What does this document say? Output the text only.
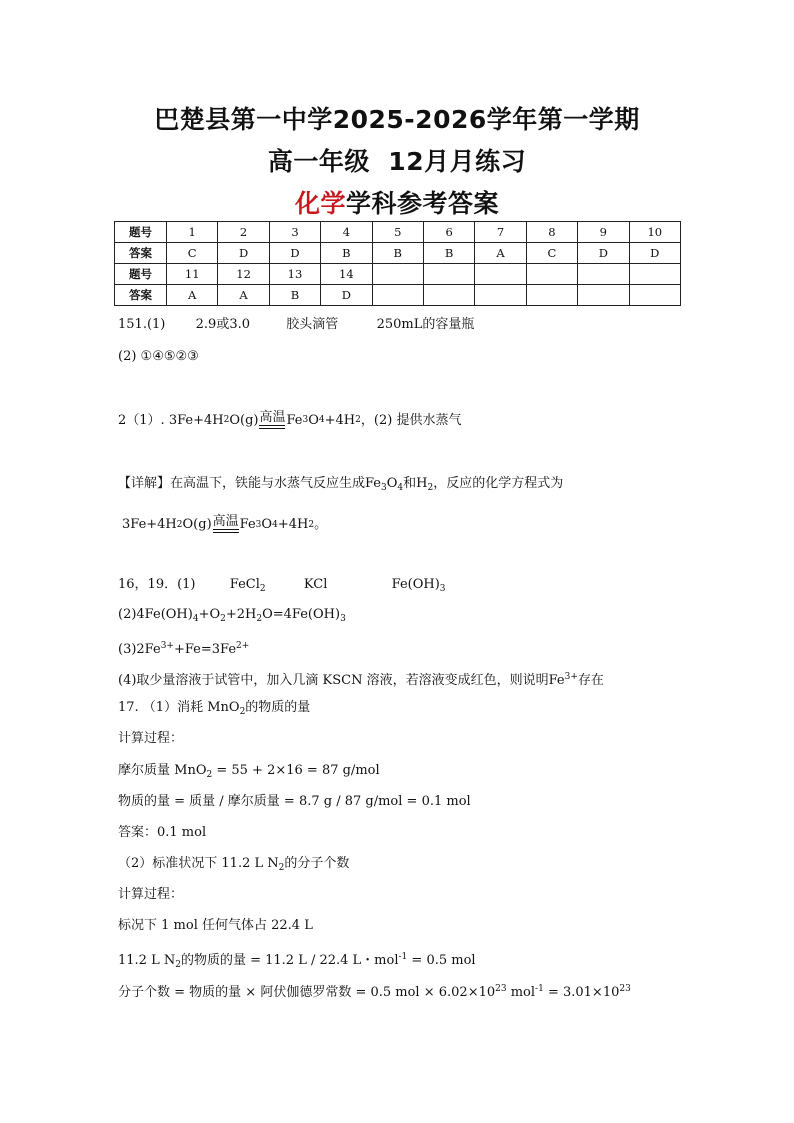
巴楚县第一中学2025-2026学年第一学期
高一年级  12月月练习
化学学科参考答案
题号	1	2	3	4	5	6	7	8	9	10
答案	C	D	D	B	B	B	A	C	D	D
题号	11	12	13	14						
答案	A	A	B	D						
151.(1) 2.9或3.0	胶头滴管	250mL的容量瓶
(2) ①④⑤②③
2（1）.
3Fe+4H 2 O(g) 高温 Fe 3 O 4 +4H 2 ，(2) 提供水蒸气
【详解】在高温下，铁能与水蒸气反应生成$Fe_3O_4$和$H_2$，反应的化学方程式为
3Fe+4H 2 O(g) 高温 Fe 3 O 4 +4H 2 。
16，19．(1)	FeCl$_2$	KCl	$Fe(OH)_3$
$(2)4Fe(OH)_4+O_2+2H_2O=4Fe(OH)_3$
$(3)2Fe^{3+}+Fe=3Fe^{2+}$
(4)取少量溶液于试管中，加入几滴 KSCN 溶液，若溶液变成红色，则说明$Fe^{3+}$存在
17. （1）消耗 MnO$_2$的物质的量
计算过程：
摩尔质量 MnO$_2$ = 55 + 2×16 = 87 g/mol
物质的量 = 质量 / 摩尔质量 = 8.7 g / 87 g/mol = 0.1 mol
答案：0.1 mol
（2）标准状况下 11.2 L $N_2$的分子个数
计算过程：
标况下 1 mol 任何气体占 22.4 L
11.2 L $N_2$的物质的量 = 11.2 L / 22.4 L・mol$^{-1}$ = 0.5 mol
分子个数 = 物质的量 × 阿伏伽德罗常数 = 0.5 mol × $6.02\times 10^{23}$ $mol^{-1} = 3.01\times 10^{23}$
